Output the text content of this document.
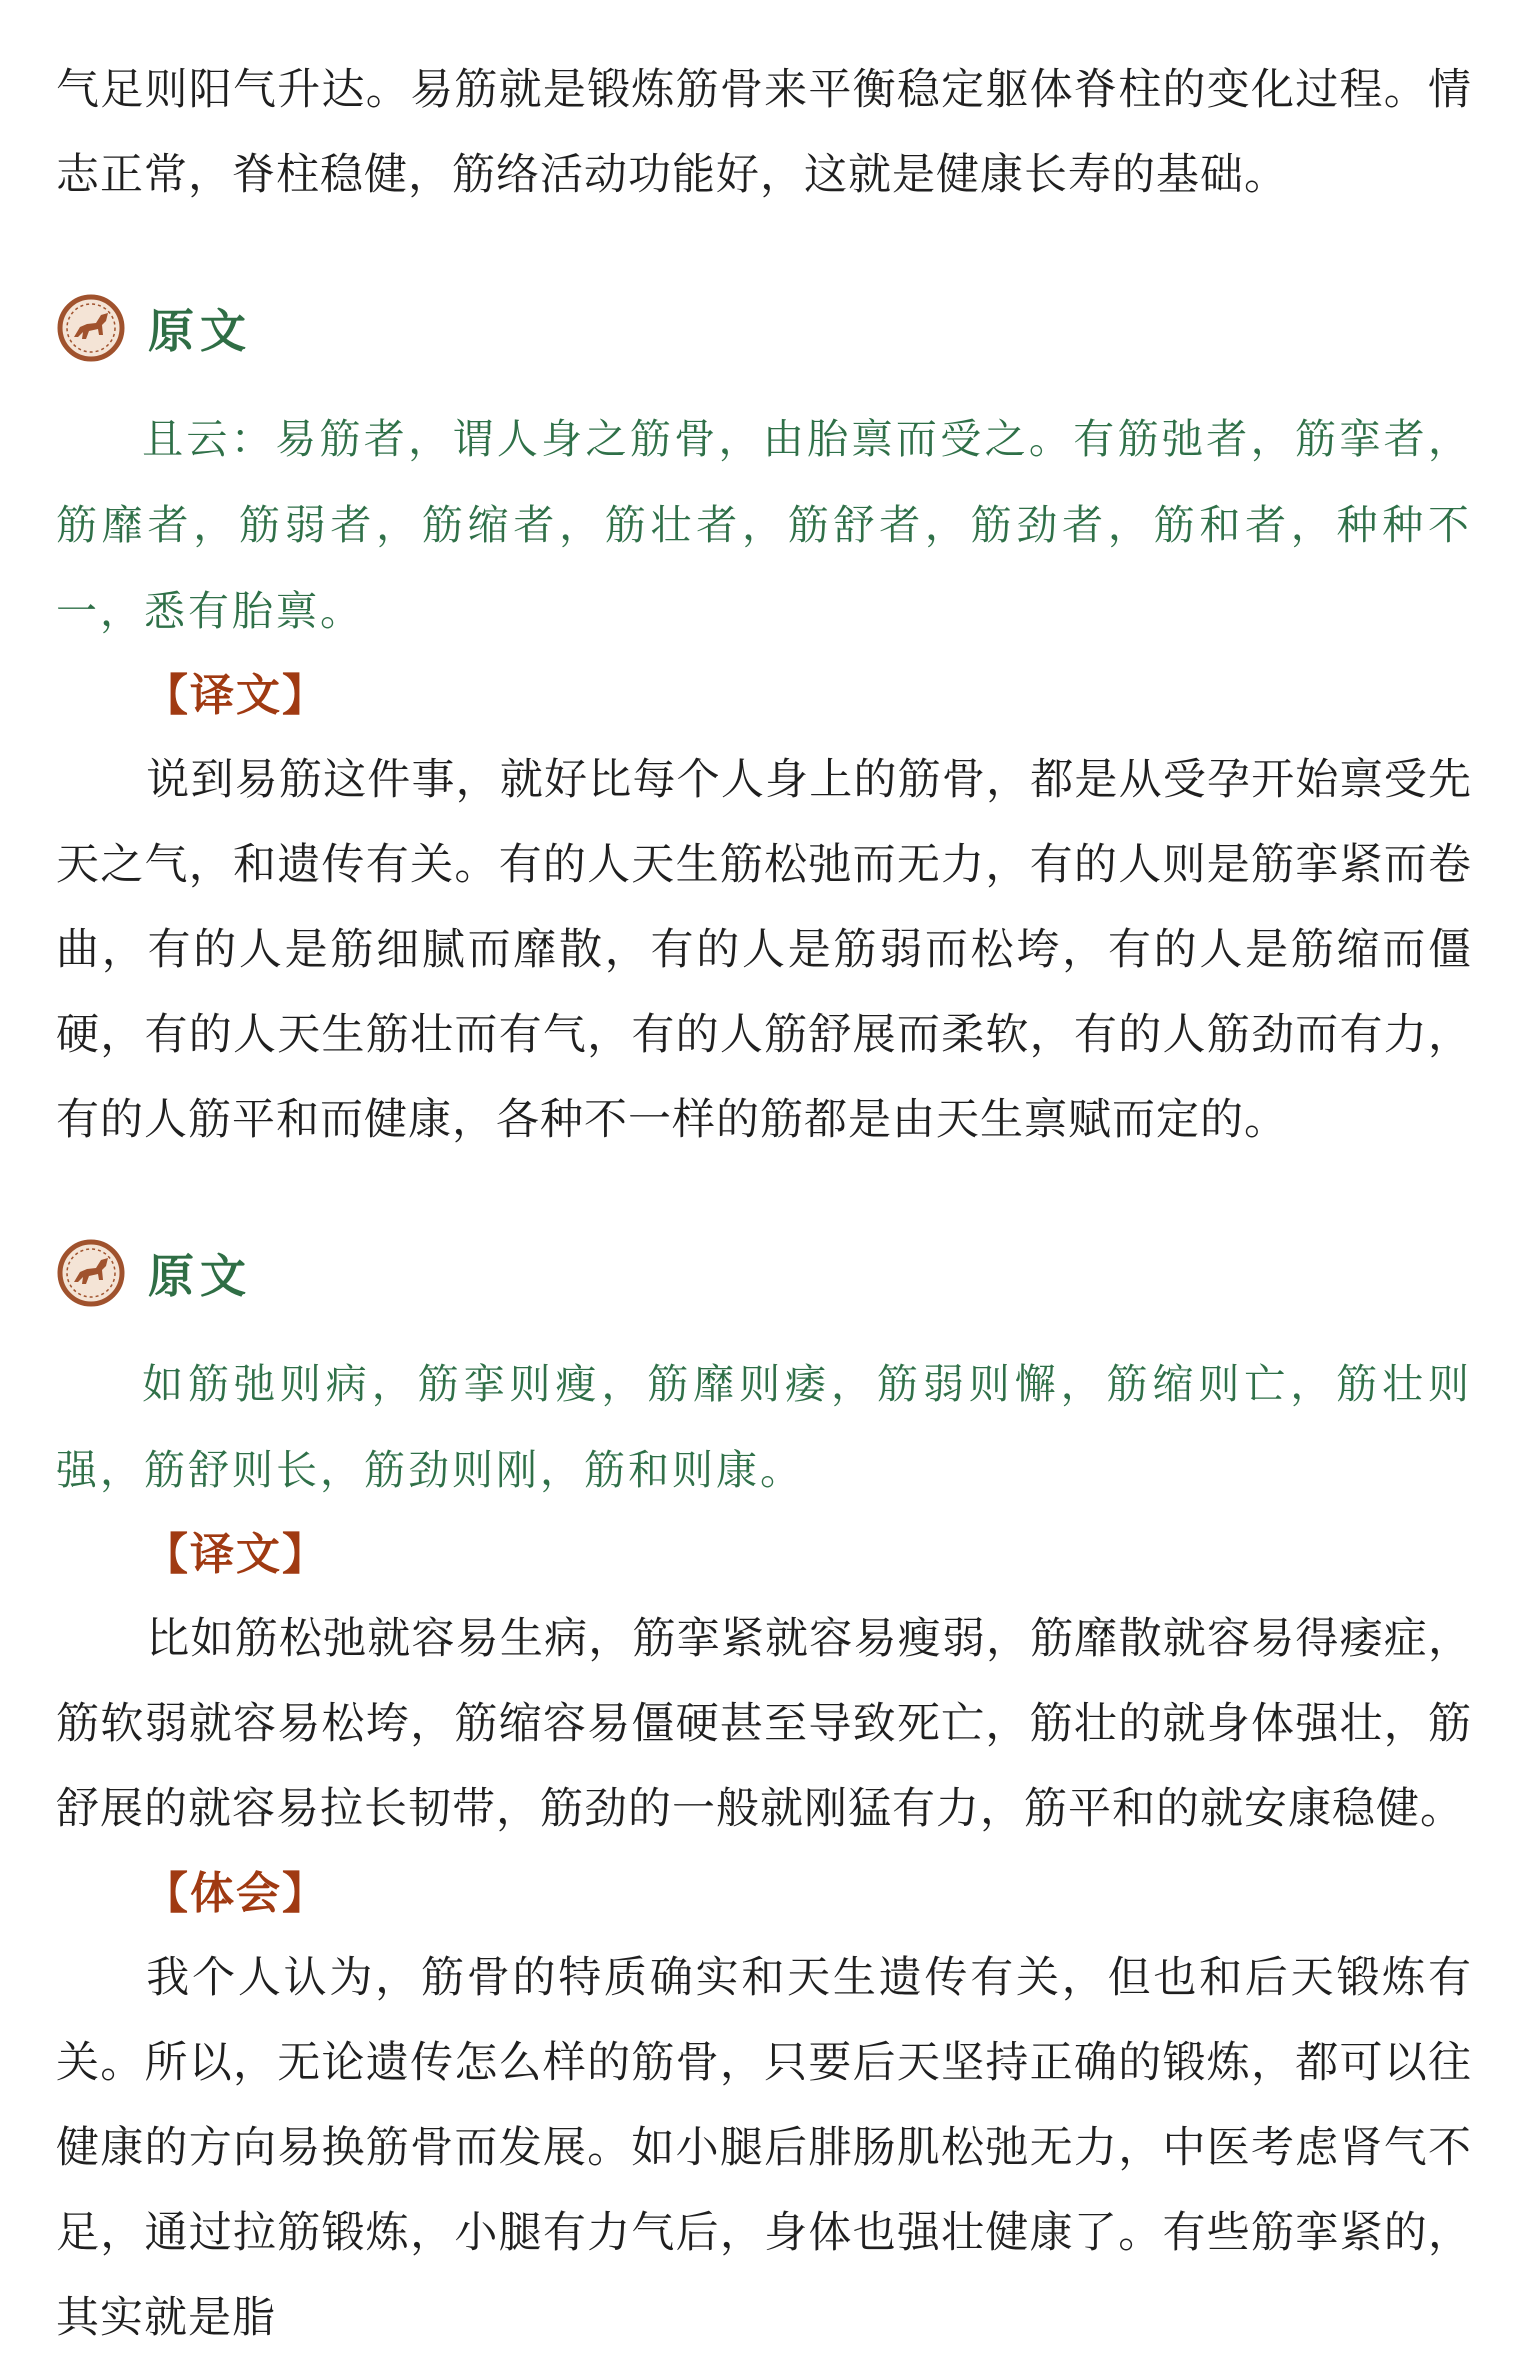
气足则阳气升达。易筋就是锻炼筋骨来平衡稳定躯体脊柱的变化过程。情志正常，脊柱稳健，筋络活动功能好，这就是健康长寿的基础。

原文

且云：易筋者，谓人身之筋骨，由胎禀而受之。有筋弛者，筋挛者，筋靡者，筋弱者，筋缩者，筋壮者，筋舒者，筋劲者，筋和者，种种不一，悉有胎禀。

【译文】

说到易筋这件事，就好比每个人身上的筋骨，都是从受孕开始禀受先天之气，和遗传有关。有的人天生筋松弛而无力，有的人则是筋挛紧而卷曲，有的人是筋细腻而靡散，有的人是筋弱而松垮，有的人是筋缩而僵硬，有的人天生筋壮而有气，有的人筋舒展而柔软，有的人筋劲而有力，有的人筋平和而健康，各种不一样的筋都是由天生禀赋而定的。

原文

如筋弛则病，筋挛则瘦，筋靡则痿，筋弱则懈，筋缩则亡，筋壮则强，筋舒则长，筋劲则刚，筋和则康。

【译文】

比如筋松弛就容易生病，筋挛紧就容易瘦弱，筋靡散就容易得痿症，筋软弱就容易松垮，筋缩容易僵硬甚至导致死亡，筋壮的就身体强壮，筋舒展的就容易拉长韧带，筋劲的一般就刚猛有力，筋平和的就安康稳健。

【体会】

我个人认为，筋骨的特质确实和天生遗传有关，但也和后天锻炼有关。所以，无论遗传怎么样的筋骨，只要后天坚持正确的锻炼，都可以往健康的方向易换筋骨而发展。如小腿后腓肠肌松弛无力，中医考虑肾气不足，通过拉筋锻炼，小腿有力气后，身体也强壮健康了。有些筋挛紧的，其实就是脂
